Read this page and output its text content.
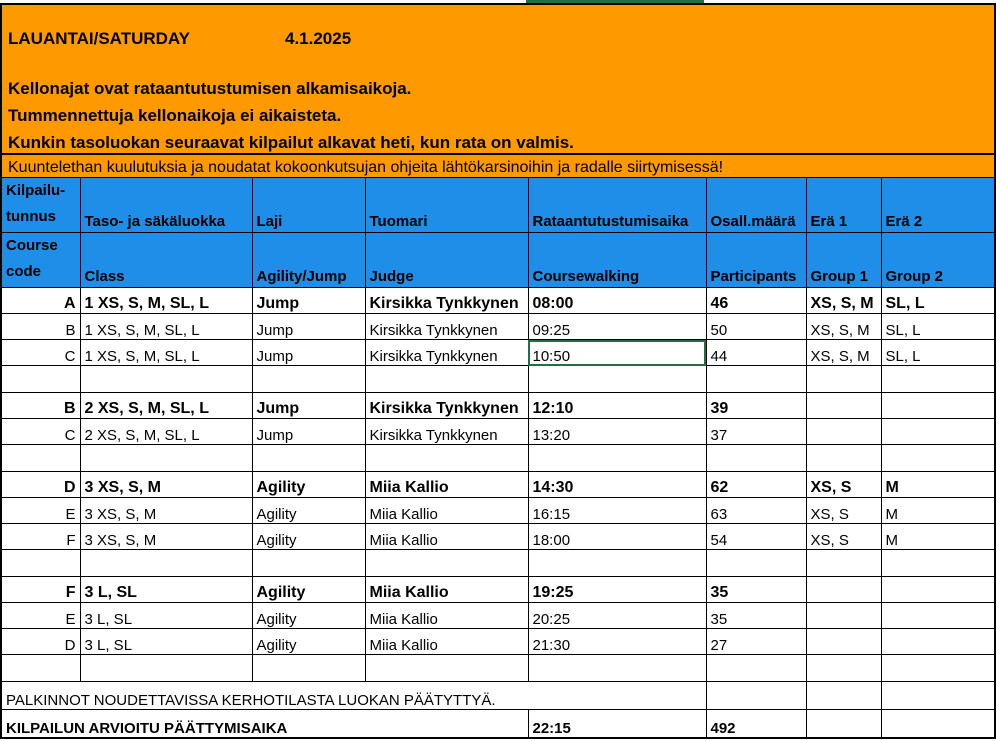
LAUANTAI/SATURDAY	4.1.2025
Kellonajat ovat rataantutustumisen alkamisaikoja.
Tummennettuja kellonaikoja ei aikaisteta.
Kunkin tasoluokan seuraavat kilpailut alkavat heti, kun rata on valmis.
Kuuntelethan kuulutuksia ja noudatat kokoonkutsujan ohjeita lähtökarsinoihin ja radalle siirtymisessä!
Kilpailu-
tunnus	Taso- ja säkäluokka	Laji	Tuomari	Rataantutustumisaika	Osall.määrä	Erä 1	Erä 2
Course
code	Class	Agility/Jump	Judge	Coursewalking	Participants	Group 1	Group 2
A	1 XS, S, M, SL, L	Jump	Kirsikka Tynkkynen	08:00	46	XS, S, M	SL, L
B	1 XS, S, M, SL, L	Jump	Kirsikka Tynkkynen	09:25	50	XS, S, M	SL, L
C	1 XS, S, M, SL, L	Jump	Kirsikka Tynkkynen	10:50	44	XS, S, M	SL, L

B	2 XS, S, M, SL, L	Jump	Kirsikka Tynkkynen	12:10	39		
C	2 XS, S, M, SL, L	Jump	Kirsikka Tynkkynen	13:20	37		

D	3 XS, S, M	Agility	Miia Kallio	14:30	62	XS, S	M
E	3 XS, S, M	Agility	Miia Kallio	16:15	63	XS, S	M
F	3 XS, S, M	Agility	Miia Kallio	18:00	54	XS, S	M

F	3 L, SL	Agility	Miia Kallio	19:25	35		
E	3 L, SL	Agility	Miia Kallio	20:25	35		
D	3 L, SL	Agility	Miia Kallio	21:30	27		

PALKINNOT NOUDETTAVISSA KERHOTILASTA LUOKAN PÄÄTYTTYÄ.							
KILPAILUN ARVIOITU PÄÄTTYMISAIKA				22:15	492		
